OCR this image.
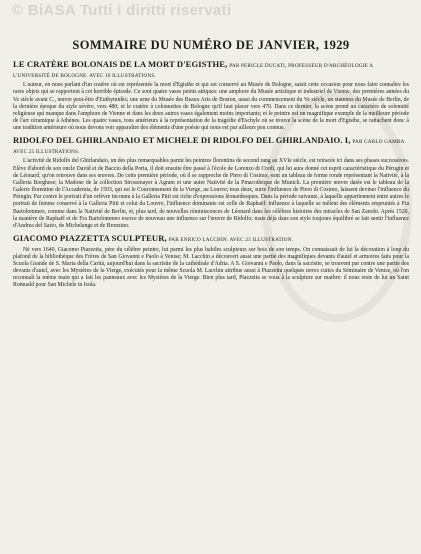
© BiASA Tutti i diritti riservati
SOMMAIRE DU NUMÉRO DE JANVIER, 1929
LE CRATÈRE BOLONAIS DE LA MORT D'EGISTHE, PAR PERICLE DUCATI, PROFESSEUR D'ARCHÉOLOGIE A L'UNIVERSITÉ DE BOLOGNE. AVEC 10 ILLUSTRATIONS.

L'auteur, en nous parlant d'un cratère où est représentée la mort d'Egisthe et qui est conservé au Musée de Bologne, saisit cette occasion pour nous faire connaître les rares objets qui se rapportent à cet horrible épisode. Ce sont quatre vases peints attiques: une amphore du Musée artistique et industriel de Vienne, des premières années du Ve siècle avant C., œuvre peut-être d'Euthymidès; une urne du Musée des Beaux Arts de Boston, aussi du commencement du Ve siècle, un stamnos du Musée de Berlin, de la dernière époque du style sévère, vers 480; et le cratère à colonnettes de Bologne qu'il faut placer vers 470. Dans ce dernier, la scène prend un caractère de solennité religieuse qui manque dans l'amphore de Vienne et dans les deux autres vases également moins importants; et le peintre est un magnifique exemple de la meilleure période de l'art céramique à Athènes. Les quatre vases, tous antérieurs à la représentation de la tragédie d'Eschyle où se trouve la scène de la mort d'Egisthe, se rattachent donc à une tradition antérieure où nous devons voir apparaître des éléments d'une poésie qui nous est par ailleurs peu connue.

RIDOLFO DEL GHIRLANDAIO ET MICHELE DI RIDOLFO DEL GHIRLANDAIO. I, PAR CARLO GAMBA. AVEC 25 ILLUSTRATIONS.

L'activité de Ridolfo del Ghirlandaio, un des plus remarquables parmi les peintres florentins de second rang au XVIe siècle, est retracée ici dans ses phases successives. Elève d'abord de son oncle David et de Baccio della Porta, il doit ensuite être passé à l'école de Lorenzo di Credi, qui lui aura donné cet esprit caractéristique du Pérugin et de Léonard, qu'on retrouve dans ses œuvres. De cette première période, où il se rapproche de Piero di Cosimo, sont un tableau de forme ronde représentant la Nativité, à la Galleria Borghese; la Madone de la collection Strossmayer à Agram et une autre Nativité de la Pinacothèque de Munich. La première œuvre datée est le tableau de la Galerie florentine de l'Accademia, de 1503, qui est le Couronnement de la Vierge, au Louvre; tous deux, sutre l'influence de Piero di Cosimo, laissent deviner l'influence du Pérugin. Par contre le portrait d'un orfèvre inconnu à la Galleria Pitti est riche d'expressions léonardesques. Dans la période suivante, à laquelle appartiennent entre autres le portrait de femme conservé à la Galleria Pitti et celui du Louvre, l'influence dominante est celle de Raphaël: influence à laquelle se mêlent des éléments empruntés à Fra Bartolommeo, comme dans la Nativité de Berlin, et, plus tard, de nouvelles réminiscences de Léonard dans les célèbres histoires des miracles de San Zanobi. Après 1520, la manière de Raphaël et de Fra Bartolommeo exerce de nouveau une influence sur l'œuvre de Ridolfo; mais déjà dans son style toujours équilibré se fait sentir l'influence d'Andrea del Sarto, de Michelange et de Bronzino.

GIACOMO PIAZZETTA SCULPTEUR, PAR ENRICO LACCHIN. AVEC 23 ILLUSTRATION.

Né vers 1640, Giacomo Piazzetta, père du célèbre peintre, fut parmi les plus habiles sculpteurs sur bois de son temps. On connaissait de lui la décoration à loup du plafond de la bibliothèque des Frères de San Giovanni e Paolo à Venise; M. Lacchin a découvert aussi une partie des magnifiques devants d'autel et armoires faits pour la Scuola Grande de S. Maria della Carità, aujourd'hui dans la sacristie de la cathédrale d'Adria. A S. Giovanni e Paolo, dans la sacristie, se trouvent par contre une partie des devants d'autel, avec les Mystères de la Vierge, exécutés pour la même Scuola M. Lacchin attribue aussi à Piazzetta quelques terres cuites du Séminaire de Venise, où l'on reconnaît la même main qui a fait les panneaux avec les Mystères de la Vierge. Bien plus tard, Piazzetta se voua à la sculpture sur marbre: il nous reste de lui un Saint Romuald pour San Michele in Isola.
